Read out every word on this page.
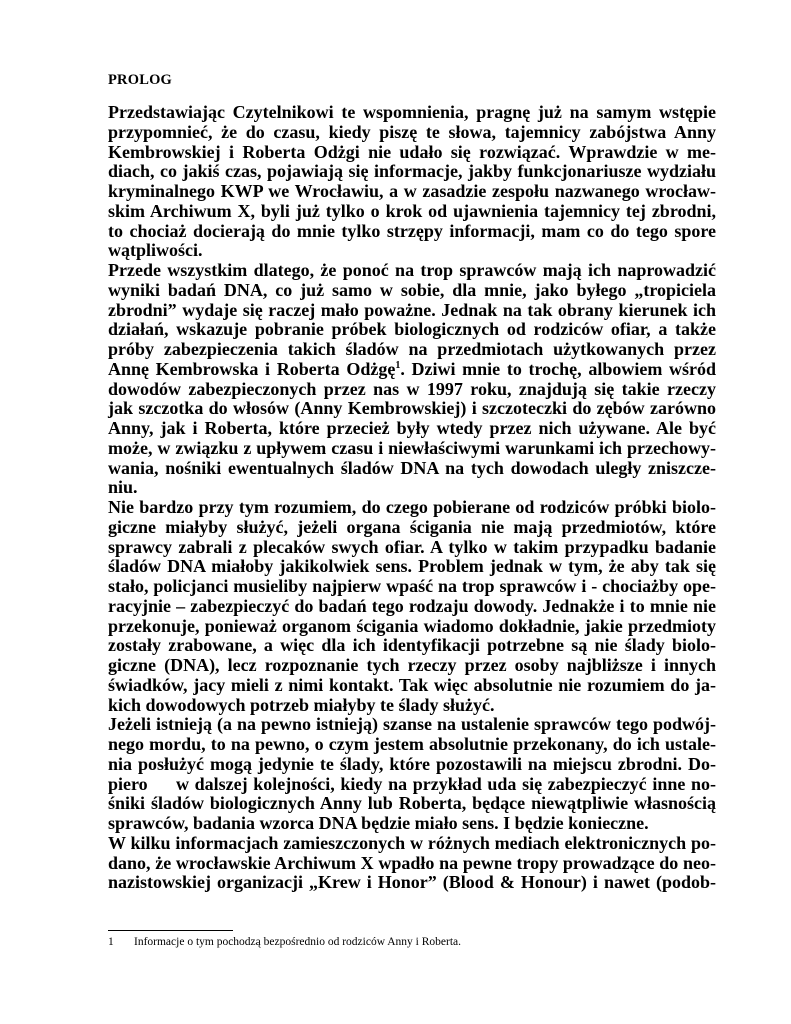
PROLOG
Przedstawiając Czytelnikowi te wspomnienia, pragnę już na samym wstępie
przypomnieć, że do czasu, kiedy piszę te słowa, tajemnicy zabójstwa Anny
Kembrowskiej i Roberta Odżgi nie udało się rozwiązać. Wprawdzie w me-
diach, co jakiś czas, pojawiają się informacje, jakby funkcjonariusze wydziału
kryminalnego KWP we Wrocławiu, a w zasadzie zespołu nazwanego wrocław-
skim Archiwum X, byli już tylko o krok od ujawnienia tajemnicy tej zbrodni,
to chociaż docierają do mnie tylko strzępy informacji, mam co do tego spore
wątpliwości.
Przede wszystkim dlatego, że ponoć na trop sprawców mają ich naprowadzić
wyniki badań DNA, co już samo w sobie, dla mnie, jako byłego „tropiciela
zbrodni” wydaje się raczej mało poważne. Jednak na tak obrany kierunek ich
działań, wskazuje pobranie próbek biologicznych od rodziców ofiar, a także
próby zabezpieczenia takich śladów na przedmiotach użytkowanych przez
Annę Kembrowska i Roberta Odżgę$^1$. Dziwi mnie to trochę, albowiem wśród
dowodów zabezpieczonych przez nas w 1997 roku, znajdują się takie rzeczy
jak szczotka do włosów (Anny Kembrowskiej) i szczoteczki do zębów zarówno
Anny, jak i Roberta, które przecież były wtedy przez nich używane. Ale być
może, w związku z upływem czasu i niewłaściwymi warunkami ich przechowy-
wania, nośniki ewentualnych śladów DNA na tych dowodach uległy zniszcze-
niu.
Nie bardzo przy tym rozumiem, do czego pobierane od rodziców próbki biolo-
giczne miałyby służyć, jeżeli organa ścigania nie mają przedmiotów, które
sprawcy zabrali z plecaków swych ofiar. A tylko w takim przypadku badanie
śladów DNA miałoby jakikolwiek sens. Problem jednak w tym, że aby tak się
stało, policjanci musieliby najpierw wpaść na trop sprawców i - chociażby ope-
racyjnie – zabezpieczyć do badań tego rodzaju dowody. Jednakże i to mnie nie
przekonuje, ponieważ organom ścigania wiadomo dokładnie, jakie przedmioty
zostały zrabowane, a więc dla ich identyfikacji potrzebne są nie ślady biolo-
giczne (DNA), lecz rozpoznanie tych rzeczy przez osoby najbliższe i innych
świadków, jacy mieli z nimi kontakt. Tak więc absolutnie nie rozumiem do ja-
kich dowodowych potrzeb miałyby te ślady służyć.
Jeżeli istnieją (a na pewno istnieją) szanse na ustalenie sprawców tego podwój-
nego mordu, to na pewno, o czym jestem absolutnie przekonany, do ich ustale-
nia posłużyć mogą jedynie te ślady, które pozostawili na miejscu zbrodni. Do-
piero     w dalszej kolejności, kiedy na przykład uda się zabezpieczyć inne no-
śniki śladów biologicznych Anny lub Roberta, będące niewątpliwie własnością
sprawców, badania wzorca DNA będzie miało sens. I będzie konieczne.
W kilku informacjach zamieszczonych w różnych mediach elektronicznych po-
dano, że wrocławskie Archiwum X wpadło na pewne tropy prowadzące do neo-
nazistowskiej organizacji „Krew i Honor” (Blood & Honour) i nawet (podob-
1 Informacje o tym pochodzą bezpośrednio od rodziców Anny i Roberta.
